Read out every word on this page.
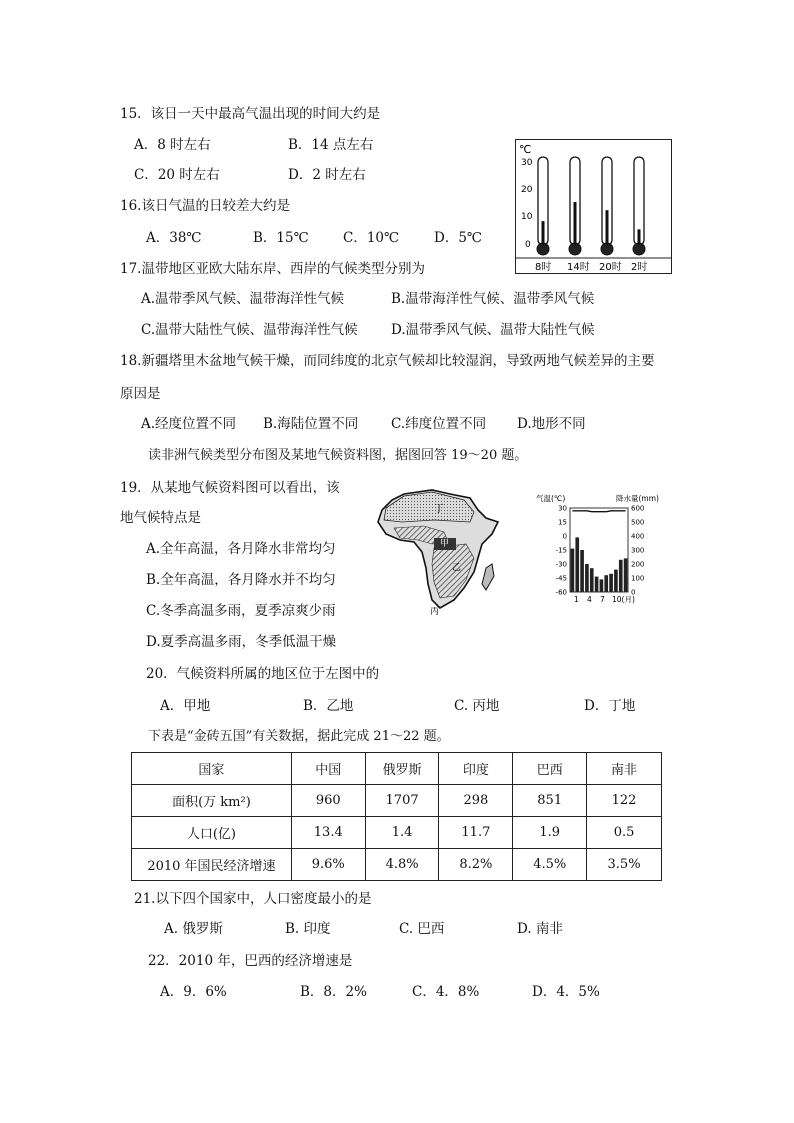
15．该日一天中最高气温出现的时间大约是
A．8 时左右	B．14 点左右
C．20 时左右	D．2 时左右
℃
30
20
10
0
8时 14时 20时 2时
16.该日气温的日较差大约是
A．38℃	B．15℃	C．10℃	D．5℃
17.温带地区亚欧大陆东岸、西岸的气候类型分别为
A.温带季风气候、温带海洋性气候	B.温带海洋性气候、温带季风气候
C.温带大陆性气候、温带海洋性气候 D.温带季风气候、温带大陆性气候
18.新疆塔里木盆地气候干燥，而同纬度的北京气候却比较湿润，导致两地气候差异的主要
原因是
A.经度位置不同 B.海陆位置不同 C.纬度位置不同 D.地形不同
读非洲气候类型分布图及某地气候资料图，据图回答 19～20 题。
19．从某地气候资料图可以看出，该
地气候特点是
A.全年高温，各月降水非常均匀
B.全年高温，各月降水并不均匀
C.冬季高温多雨，夏季凉爽少雨
D.夏季高温多雨，冬季低温干燥
丁
甲
乙
丙
气温(℃)	降水量(mm)
30
15
0
-15
-30
-45
-60
600
500
400
300
200
100
0
1 4 7 10(月)
20．气候资料所属的地区位于左图中的
A．甲地	B．乙地	C. 丙地	D．丁地
下表是“金砖五国”有关数据，据此完成 21～22 题。
国家	中国	俄罗斯	印度	巴西	南非
面积(万 km²)	960	1707	298	851	122
人口(亿)	13.4	1.4	11.7	1.9	0.5
2010 年国民经济增速	9.6%	4.8%	8.2%	4.5%	3.5%
21.以下四个国家中，人口密度最小的是
A. 俄罗斯	B. 印度	C. 巴西	D. 南非
22．2010 年，巴西的经济增速是
A．9．6%	B．8．2%	C．4．8%	D．4．5%
